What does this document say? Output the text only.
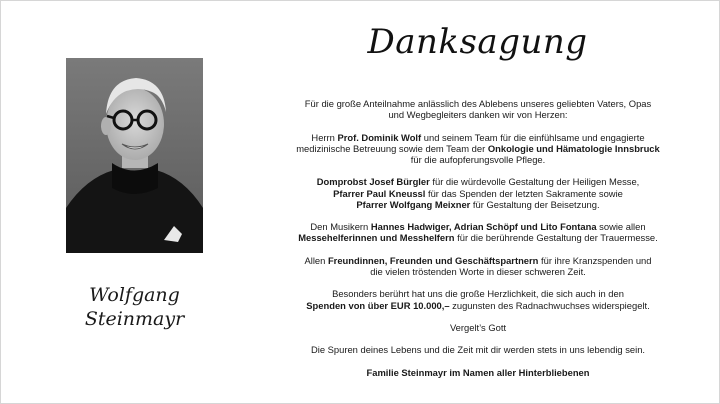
Danksagung
Wolfgang
Steinmayr
Für die große Anteilnahme anlässlich des Ablebens unseres geliebten Vaters, Opas
und Wegbegleiters danken wir von Herzen:
Herrn Prof. Dominik Wolf und seinem Team für die einfühlsame und engagierte
medizinische Betreuung sowie dem Team der Onkologie und Hämatologie Innsbruck
für die aufopferungsvolle Pflege.
Domprobst Josef Bürgler für die würdevolle Gestaltung der Heiligen Messe,
Pfarrer Paul Kneussl für das Spenden der letzten Sakramente sowie
Pfarrer Wolfgang Meixner für Gestaltung der Beisetzung.
Den Musikern Hannes Hadwiger, Adrian Schöpf und Lito Fontana sowie allen
Messehelferinnen und Messhelfern für die berührende Gestaltung der Trauermesse.
Allen Freundinnen, Freunden und Geschäftspartnern für ihre Kranzspenden und
die vielen tröstenden Worte in dieser schweren Zeit.
Besonders berührt hat uns die große Herzlichkeit, die sich auch in den
Spenden von über EUR 10.000,– zugunsten des Radnachwuchses widerspiegelt.
Vergelt’s Gott
Die Spuren deines Lebens und die Zeit mit dir werden stets in uns lebendig sein.
Familie Steinmayr im Namen aller Hinterbliebenen
